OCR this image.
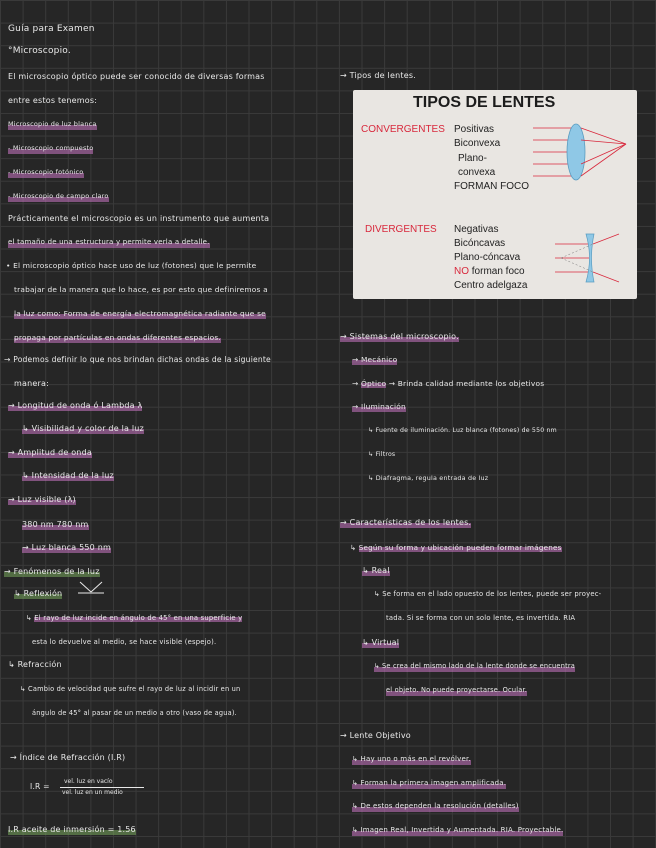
Guía para Examen
°Microscopio.
El microscopio óptico puede ser conocido de diversas formas
entre estos tenemos:
Microscopio de luz blanca
- Microscopio compuesto
- Microscopio fotónico
- Microscopio de campo claro
Prácticamente el microscopio es un instrumento que aumenta
el tamaño de una estructura y permite verla a detalle.
• El microscopio óptico hace uso de luz (fotones) que le permite
trabajar de la manera que lo hace, es por esto que definiremos a
la luz como: Forma de energía electromagnética radiante que se
propaga por partículas en ondas diferentes espacios.
→ Podemos definir lo que nos brindan dichas ondas de la siguiente
manera:
→ Longitud de onda ó Lambda λ
↳ Visibilidad y color de la luz
→ Amplitud de onda
↳ Intensidad de la luz
→ Luz visible (λ)
380 nm 780 nm
→ Luz blanca 550 nm
→ Fenómenos de la luz
↳ Reflexión
↳ El rayo de luz incide en ángulo de 45° en una superficie y
esta lo devuelve al medio, se hace visible (espejo).
↳ Refracción
↳ Cambio de velocidad que sufre el rayo de luz al incidir en un
ángulo de 45° al pasar de un medio a otro (vaso de agua).
→ Índice de Refracción (I.R)
I.R =
vel. luz en vacío
vel. luz en un medio
I.R aceite de inmersión = 1.56
→ Tipos de lentes.
TIPOS DE LENTES
CONVERGENTES Positivas
Biconvexa
Plano-
convexa
FORMAN FOCO
DIVERGENTES Negativas
Bicóncavas
Plano-cóncava
NO forman foco
Centro adelgaza
→ Sistemas del microscopio.
→ Mecánico
→ Óptico → Brinda calidad mediante los objetivos
→ Iluminación
↳ Fuente de iluminación. Luz blanca (fotones) de 550 nm
↳ Filtros
↳ Diafragma, regula entrada de luz
→ Características de los lentes.
↳ Según su forma y ubicación pueden formar imágenes
↳ Real
↳ Se forma en el lado opuesto de los lentes, puede ser proyec-
tada. Si se forma con un solo lente, es invertida. RIA
↳ Virtual
↳ Se crea del mismo lado de la lente donde se encuentra
el objeto. No puede proyectarse. Ocular.
→ Lente Objetivo
↳ Hay uno o más en el revólver.
↳ Forman la primera imagen amplificada.
↳ De estos dependen la resolución (detalles)
↳ Imagen Real, Invertida y Aumentada. RIA. Proyectable.
